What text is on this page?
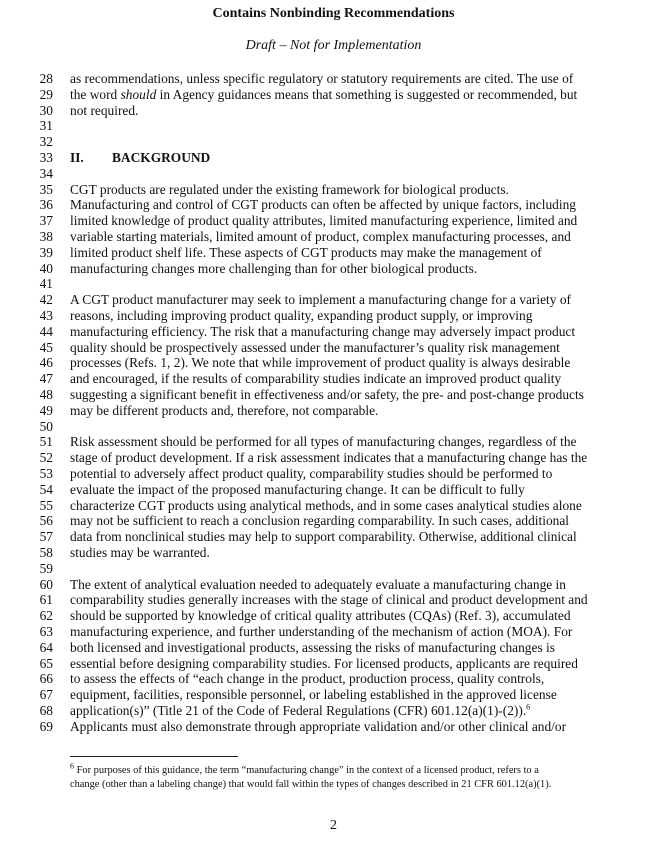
Contains Nonbinding Recommendations
Draft – Not for Implementation
28 as recommendations, unless specific regulatory or statutory requirements are cited. The use of
29 the word should in Agency guidances means that something is suggested or recommended, but
30 not required.
31
32
33 II. BACKGROUND
34
35 CGT products are regulated under the existing framework for biological products.
36 Manufacturing and control of CGT products can often be affected by unique factors, including
37 limited knowledge of product quality attributes, limited manufacturing experience, limited and
38 variable starting materials, limited amount of product, complex manufacturing processes, and
39 limited product shelf life. These aspects of CGT products may make the management of
40 manufacturing changes more challenging than for other biological products.
41
42 A CGT product manufacturer may seek to implement a manufacturing change for a variety of
43 reasons, including improving product quality, expanding product supply, or improving
44 manufacturing efficiency. The risk that a manufacturing change may adversely impact product
45 quality should be prospectively assessed under the manufacturer’s quality risk management
46 processes (Refs. 1, 2). We note that while improvement of product quality is always desirable
47 and encouraged, if the results of comparability studies indicate an improved product quality
48 suggesting a significant benefit in effectiveness and/or safety, the pre- and post-change products
49 may be different products and, therefore, not comparable.
50
51 Risk assessment should be performed for all types of manufacturing changes, regardless of the
52 stage of product development. If a risk assessment indicates that a manufacturing change has the
53 potential to adversely affect product quality, comparability studies should be performed to
54 evaluate the impact of the proposed manufacturing change. It can be difficult to fully
55 characterize CGT products using analytical methods, and in some cases analytical studies alone
56 may not be sufficient to reach a conclusion regarding comparability. In such cases, additional
57 data from nonclinical studies may help to support comparability. Otherwise, additional clinical
58 studies may be warranted.
59
60 The extent of analytical evaluation needed to adequately evaluate a manufacturing change in
61 comparability studies generally increases with the stage of clinical and product development and
62 should be supported by knowledge of critical quality attributes (CQAs) (Ref. 3), accumulated
63 manufacturing experience, and further understanding of the mechanism of action (MOA). For
64 both licensed and investigational products, assessing the risks of manufacturing changes is
65 essential before designing comparability studies. For licensed products, applicants are required
66 to assess the effects of “each change in the product, production process, quality controls,
67 equipment, facilities, responsible personnel, or labeling established in the approved license
68 application(s)” (Title 21 of the Code of Federal Regulations (CFR) 601.12(a)(1)-(2)).$^6$
69 Applicants must also demonstrate through appropriate validation and/or other clinical and/or
$^6$ For purposes of this guidance, the term “manufacturing change” in the context of a licensed product, refers to a
change (other than a labeling change) that would fall within the types of changes described in 21 CFR 601.12(a)(1).
2
